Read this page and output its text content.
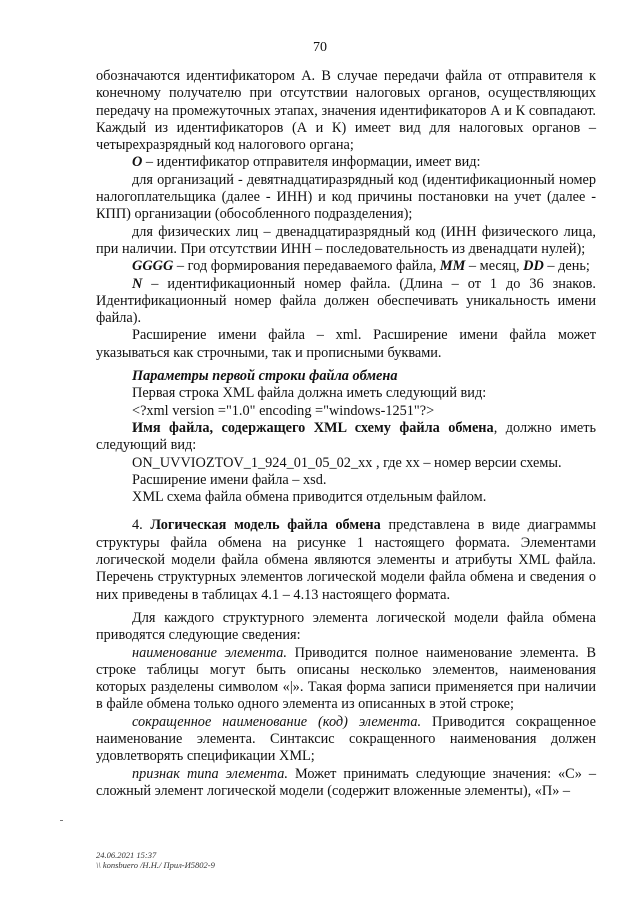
70

обозначаются идентификатором А. В случае передачи файла от отправителя к конечному получателю при отсутствии налоговых органов, осуществляющих передачу на промежуточных этапах, значения идентификаторов А и К совпадают. Каждый из идентификаторов (А и К) имеет вид для налоговых органов – четырехразрядный код налогового органа;

O – идентификатор отправителя информации, имеет вид:

для организаций - девятнадцатиразрядный код (идентификационный номер налогоплательщика (далее - ИНН) и код причины постановки на учет (далее - КПП) организации (обособленного подразделения);

для физических лиц – двенадцатиразрядный код (ИНН физического лица, при наличии. При отсутствии ИНН – последовательность из двенадцати нулей);

GGGG – год формирования передаваемого файла, MM – месяц, DD – день;

N – идентификационный номер файла. (Длина – от 1 до 36 знаков. Идентификационный номер файла должен обеспечивать уникальность имени файла).

Расширение имени файла – xml. Расширение имени файла может указываться как строчными, так и прописными буквами.

Параметры первой строки файла обмена

Первая строка XML файла должна иметь следующий вид:

<?xml version ="1.0" encoding ="windows-1251"?>

Имя файла, содержащего XML схему файла обмена, должно иметь следующий вид:

ON_UVVIOZTOV_1_924_01_05_02_xx , где хх – номер версии схемы.

Расширение имени файла – xsd.

XML схема файла обмена приводится отдельным файлом.

4. Логическая модель файла обмена представлена в виде диаграммы структуры файла обмена на рисунке 1 настоящего формата. Элементами логической модели файла обмена являются элементы и атрибуты XML файла. Перечень структурных элементов логической модели файла обмена и сведения о них приведены в таблицах 4.1 – 4.13 настоящего формата.

Для каждого структурного элемента логической модели файла обмена приводятся следующие сведения:

наименование элемента. Приводится полное наименование элемента. В строке таблицы могут быть описаны несколько элементов, наименования которых разделены символом «|». Такая форма записи применяется при наличии в файле обмена только одного элемента из описанных в этой строке;

сокращенное наименование (код) элемента. Приводится сокращенное наименование элемента. Синтаксис сокращенного наименования должен удовлетворять спецификации XML;

признак типа элемента. Может принимать следующие значения: «С» – сложный элемент логической модели (содержит вложенные элементы), «П» –

24.06.2021 15:37
\\ konsbuero /Н.Н./ Прил-И5802-9
